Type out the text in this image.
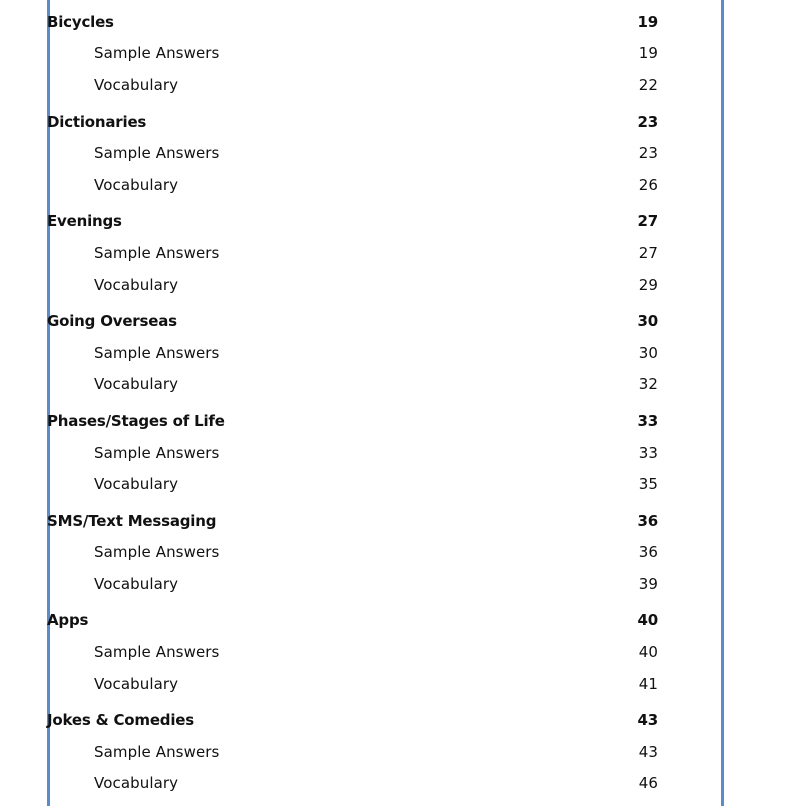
Bicycles	19
Sample Answers	19
Vocabulary	22
Dictionaries	23
Sample Answers	23
Vocabulary	26
Evenings	27
Sample Answers	27
Vocabulary	29
Going Overseas	30
Sample Answers	30
Vocabulary	32
Phases/Stages of Life	33
Sample Answers	33
Vocabulary	35
SMS/Text Messaging	36
Sample Answers	36
Vocabulary	39
Apps	40
Sample Answers	40
Vocabulary	41
Jokes & Comedies	43
Sample Answers	43
Vocabulary	46
